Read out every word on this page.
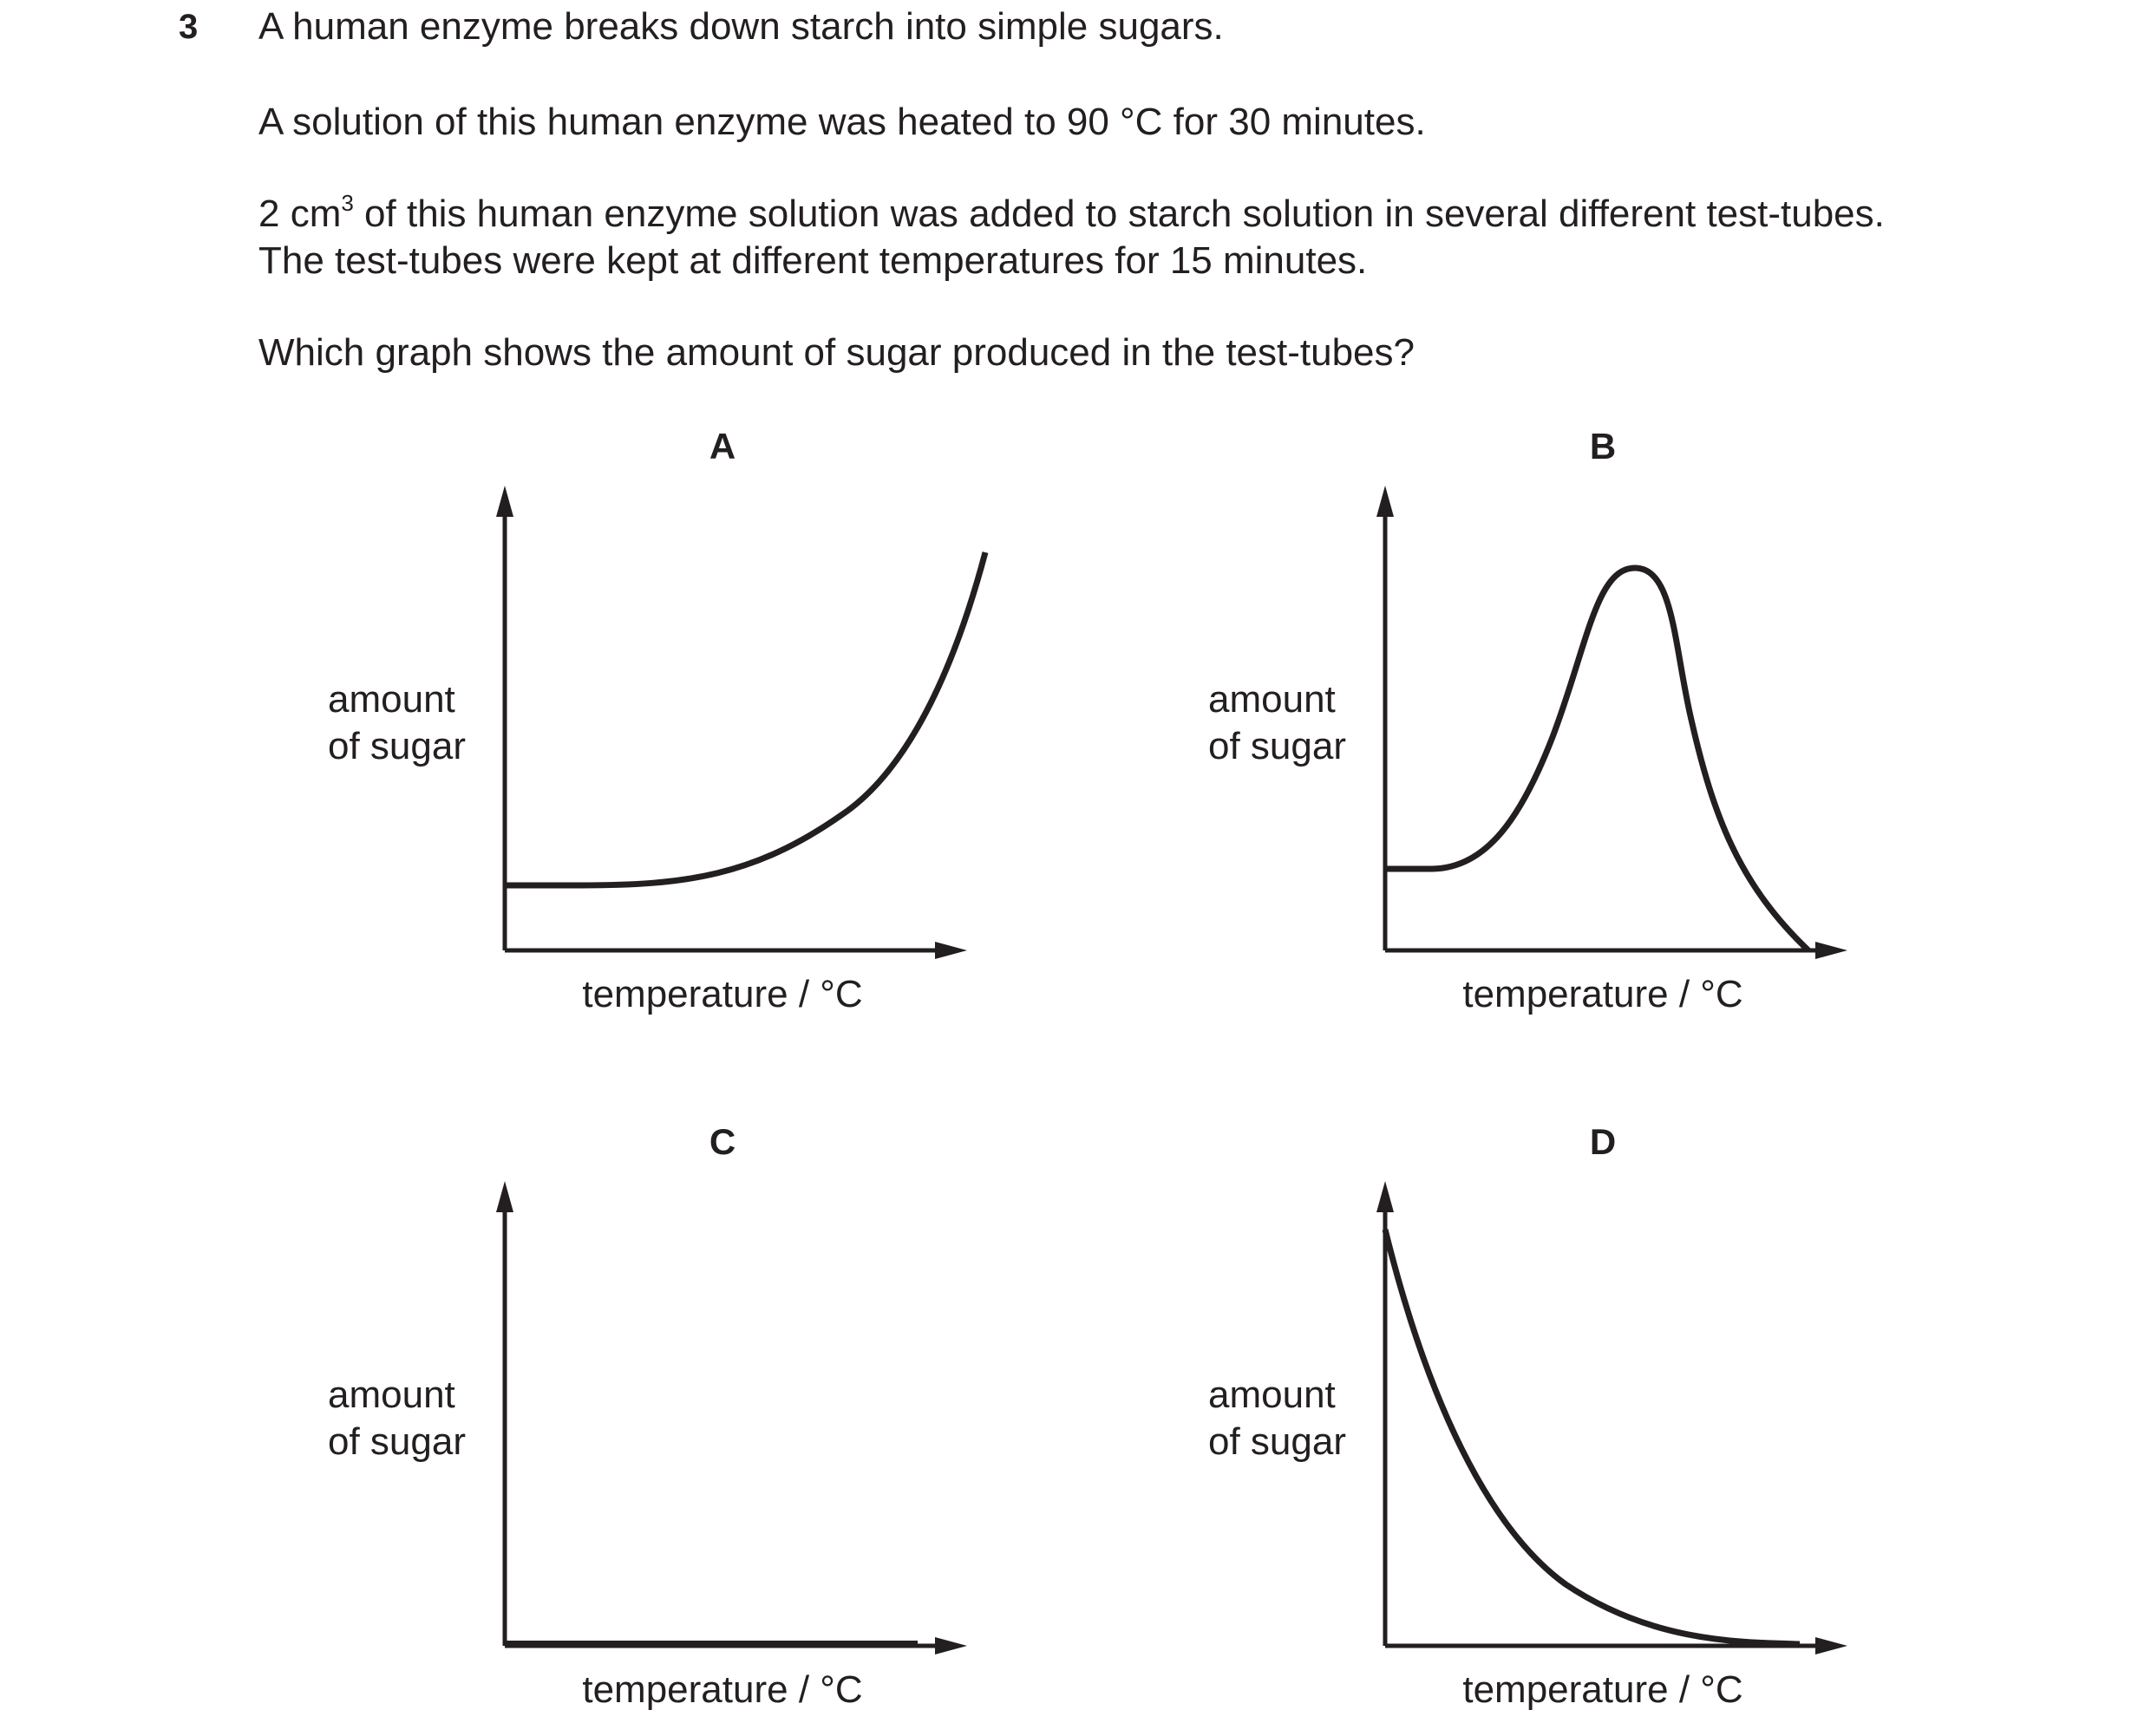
3 A human enzyme breaks down starch into simple sugars.
A solution of this human enzyme was heated to 90 °C for 30 minutes.
2 $cm^3$ of this human enzyme solution was added to starch solution in several different test-tubes.
The test-tubes were kept at different temperatures for 15 minutes.
Which graph shows the amount of sugar produced in the test-tubes?
A
amount
of sugar
temperature / °C
B
amount
of sugar
temperature / °C
C
amount
of sugar
temperature / °C
D
amount
of sugar
temperature / °C
